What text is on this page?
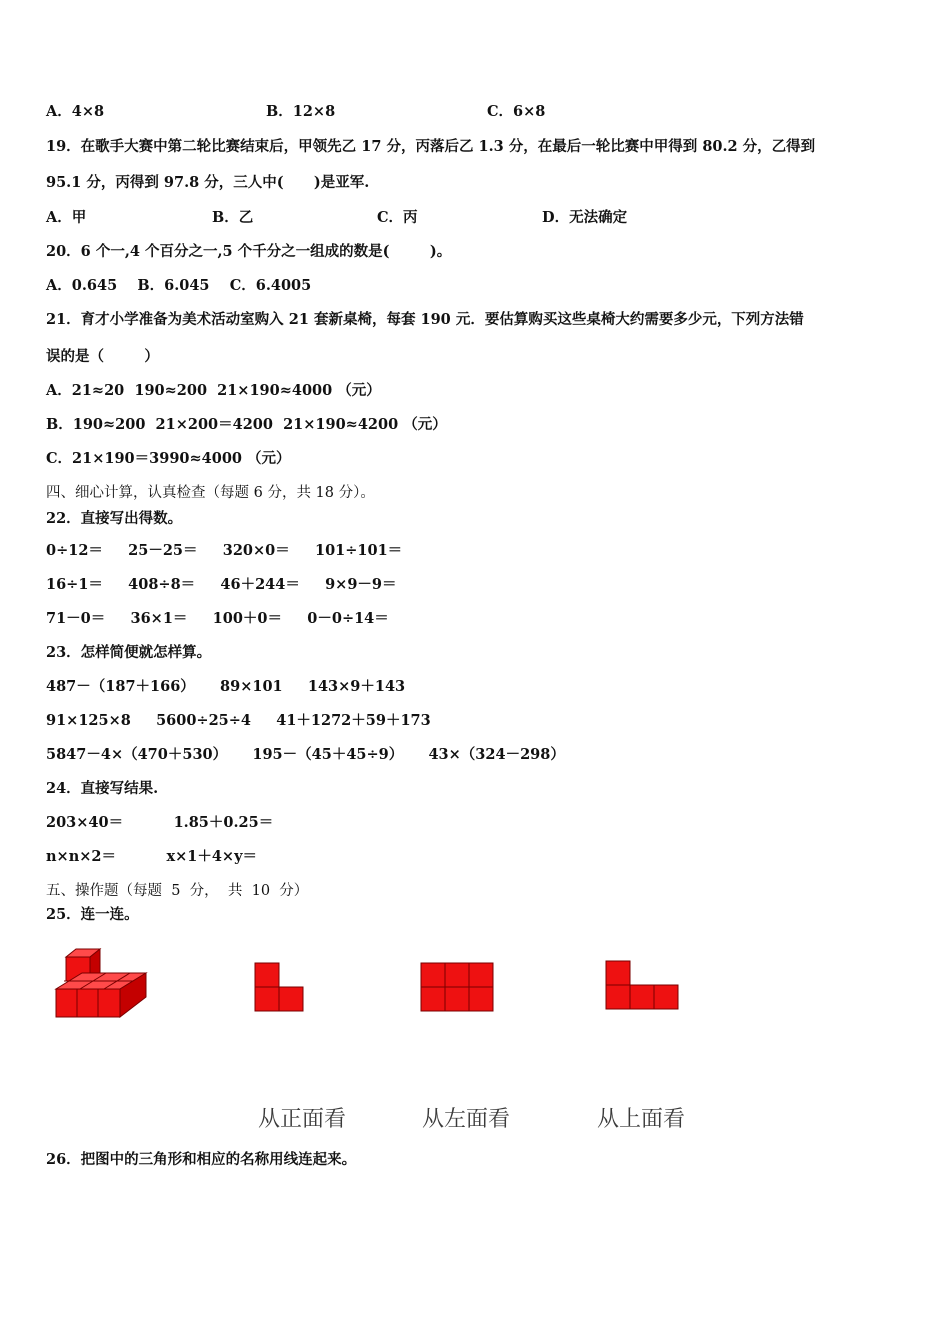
A．4×8	B．12×8	C．6×8
19．在歌手大赛中第二轮比赛结束后，甲领先乙 17 分，丙落后乙 1.3 分，在最后一轮比赛中甲得到 80.2 分，乙得到
95.1 分，丙得到 97.8 分，三人中(      )是亚军.
A．甲	B．乙	C．丙	D．无法确定
20．6 个一,4 个百分之一,5 个千分之一组成的数是(        )。
A．0.645    B．6.045    C．6.4005
21．育才小学准备为美术活动室购入 21 套新桌椅，每套 190 元．要估算购买这些桌椅大约需要多少元，下列方法错
误的是（        ）
A．21≈20  190≈200  21×190≈4000 （元）
B．190≈200  21×200＝4200  21×190≈4200 （元）
C．21×190＝3990≈4000 （元）
四、细心计算，认真检查（每题 6 分，共 18 分）。
22．直接写出得数。
0÷12＝     25－25＝     320×0＝     101÷101＝
16÷1＝     408÷8＝     46＋244＝     9×9－9＝
71－0＝     36×1＝     100＋0＝     0－0÷14＝
23．怎样简便就怎样算。
487－（187＋166）     89×101     143×9＋143
91×125×8     5600÷25÷4     41＋1272＋59＋173
5847－4×（470＋530）     195－（45＋45÷9）     43×（324－298）
24．直接写结果.
203×40＝          1.85＋0.25＝
n×n×2＝          x×1＋4×y＝
五、操作题（每题  5  分，  共  10  分）
25．连一连。
从正面看	从左面看	从上面看
26．把图中的三角形和相应的名称用线连起来。
